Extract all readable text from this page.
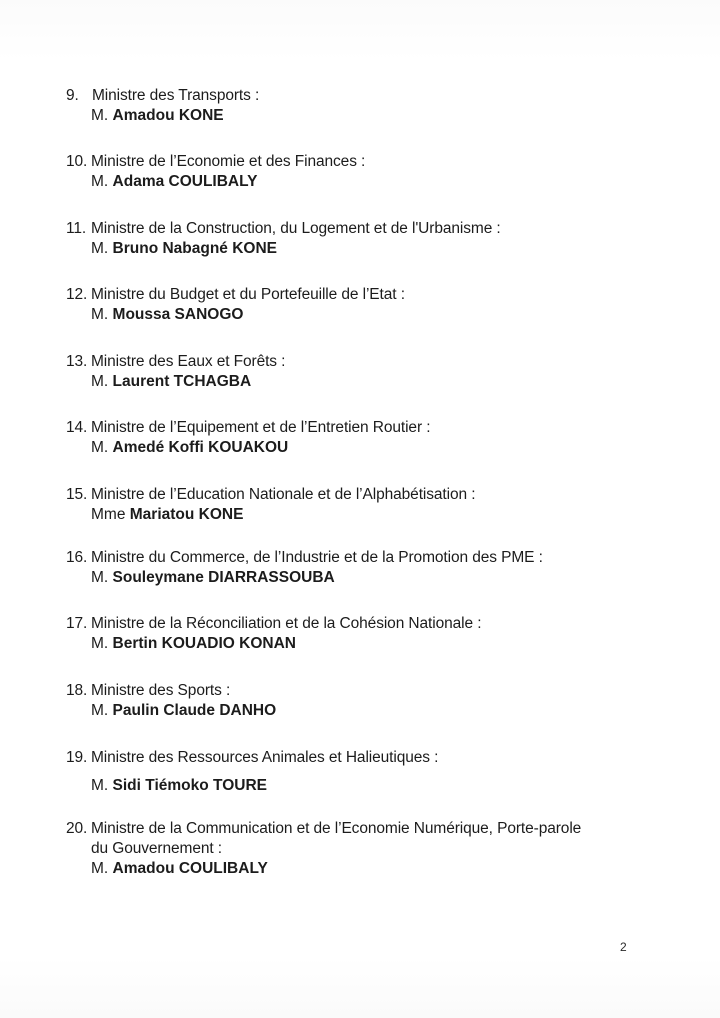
9. Ministre des Transports :
M. Amadou KONE
10. Ministre de l’Economie et des Finances :
M. Adama COULIBALY
11. Ministre de la Construction, du Logement et de l'Urbanisme :
M. Bruno Nabagné KONE
12. Ministre du Budget et du Portefeuille de l’Etat :
M. Moussa SANOGO
13. Ministre des Eaux et Forêts :
M. Laurent TCHAGBA
14. Ministre de l’Equipement et de l’Entretien Routier :
M. Amedé Koffi KOUAKOU
15. Ministre de l’Education Nationale et de l’Alphabétisation :
Mme Mariatou KONE
16. Ministre du Commerce, de l’Industrie et de la Promotion des PME :
M. Souleymane DIARRASSOUBA
17. Ministre de la Réconciliation et de la Cohésion Nationale :
M. Bertin KOUADIO KONAN
18. Ministre des Sports :
M. Paulin Claude DANHO
19. Ministre des Ressources Animales et Halieutiques :
M. Sidi Tiémoko TOURE
20. Ministre de la Communication et de l’Economie Numérique, Porte-parole
du Gouvernement :
M. Amadou COULIBALY
2
